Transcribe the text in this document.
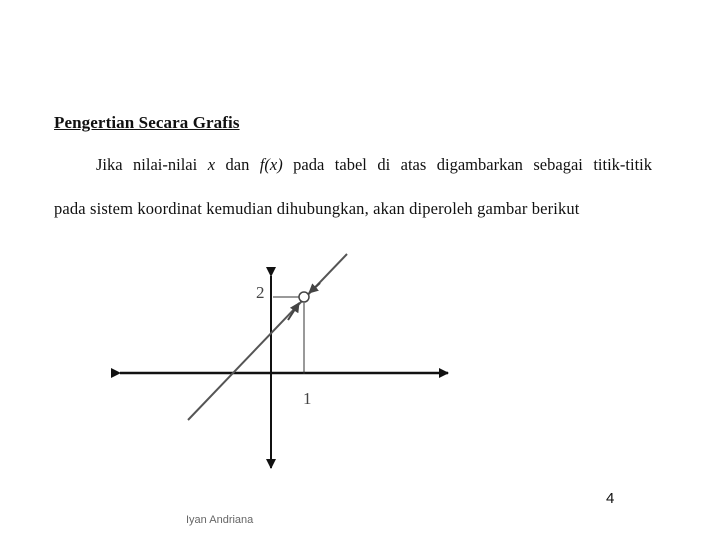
Pengertian Secara Grafis
Jika nilai-nilai x dan f(x) pada tabel di atas digambarkan sebagai titik-titik
pada sistem koordinat kemudian dihubungkan, akan diperoleh gambar berikut
2
1
4
Iyan Andriana
